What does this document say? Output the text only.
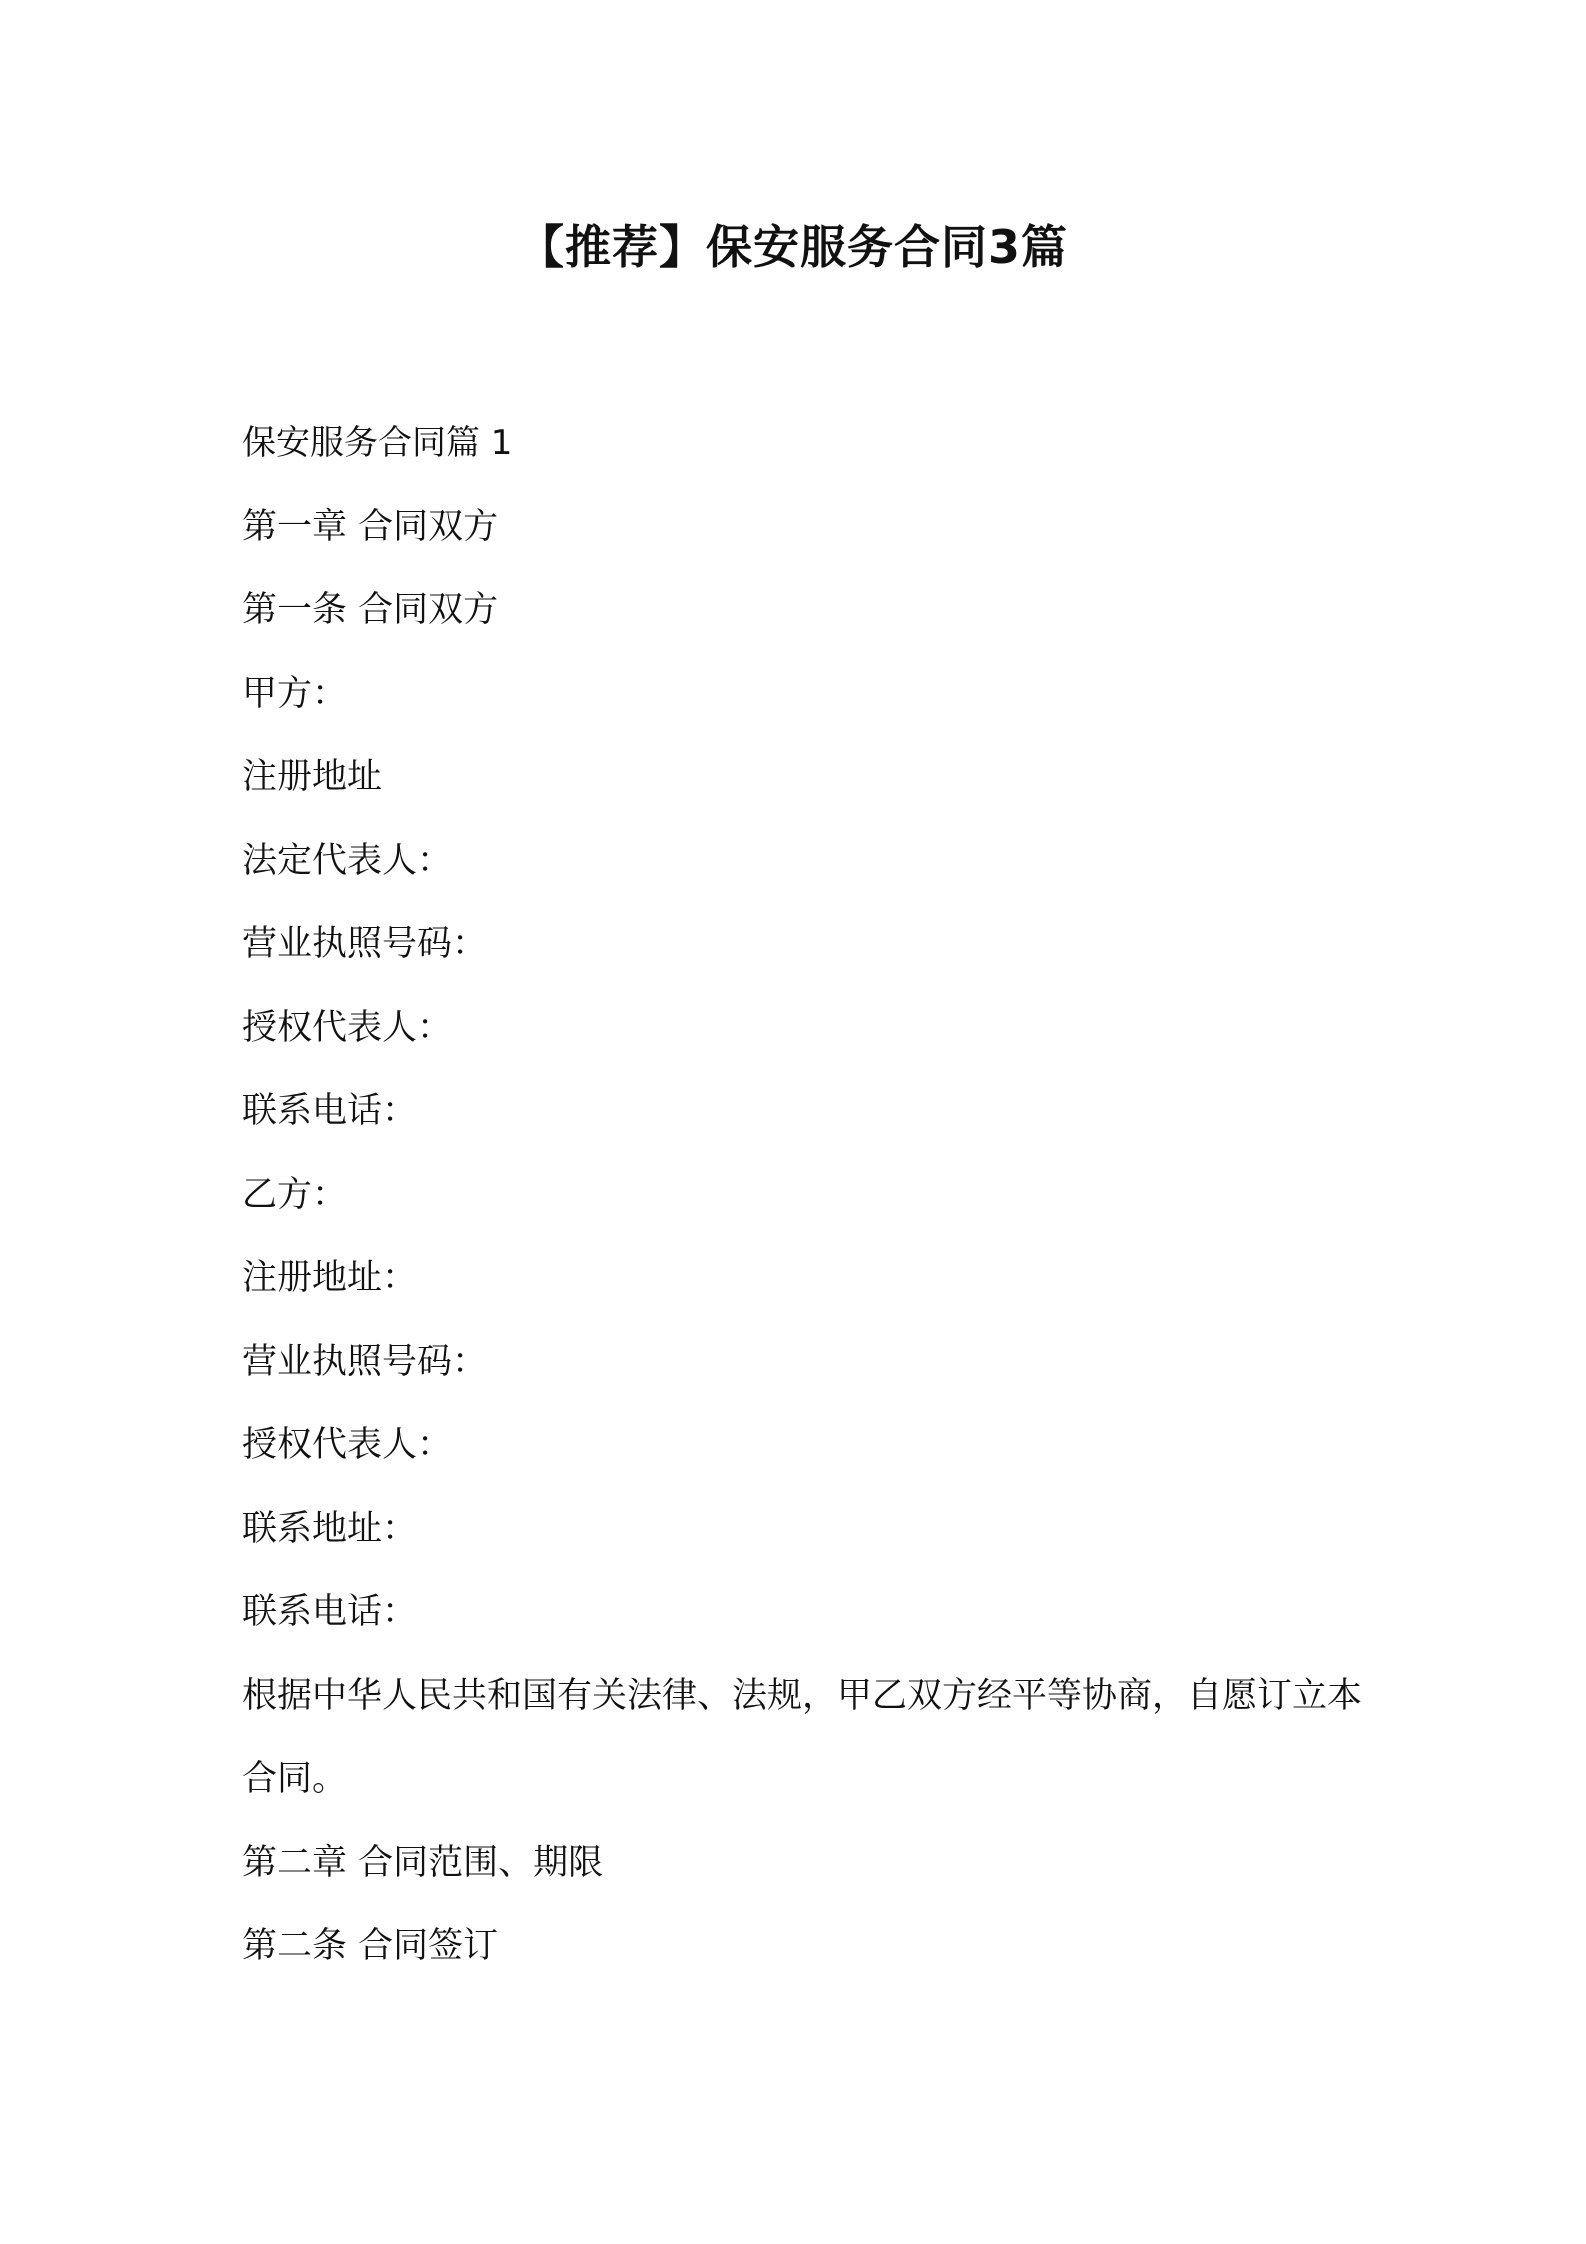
【推荐】保安服务合同3篇

保安服务合同篇 1

第一章 合同双方

第一条 合同双方

甲方：

注册地址

法定代表人：

营业执照号码：

授权代表人：

联系电话：

乙方：

注册地址：

营业执照号码：

授权代表人：

联系地址：

联系电话：

根据中华人民共和国有关法律、法规，甲乙双方经平等协商，自愿订立本合同。

第二章 合同范围、期限

第二条 合同签订
